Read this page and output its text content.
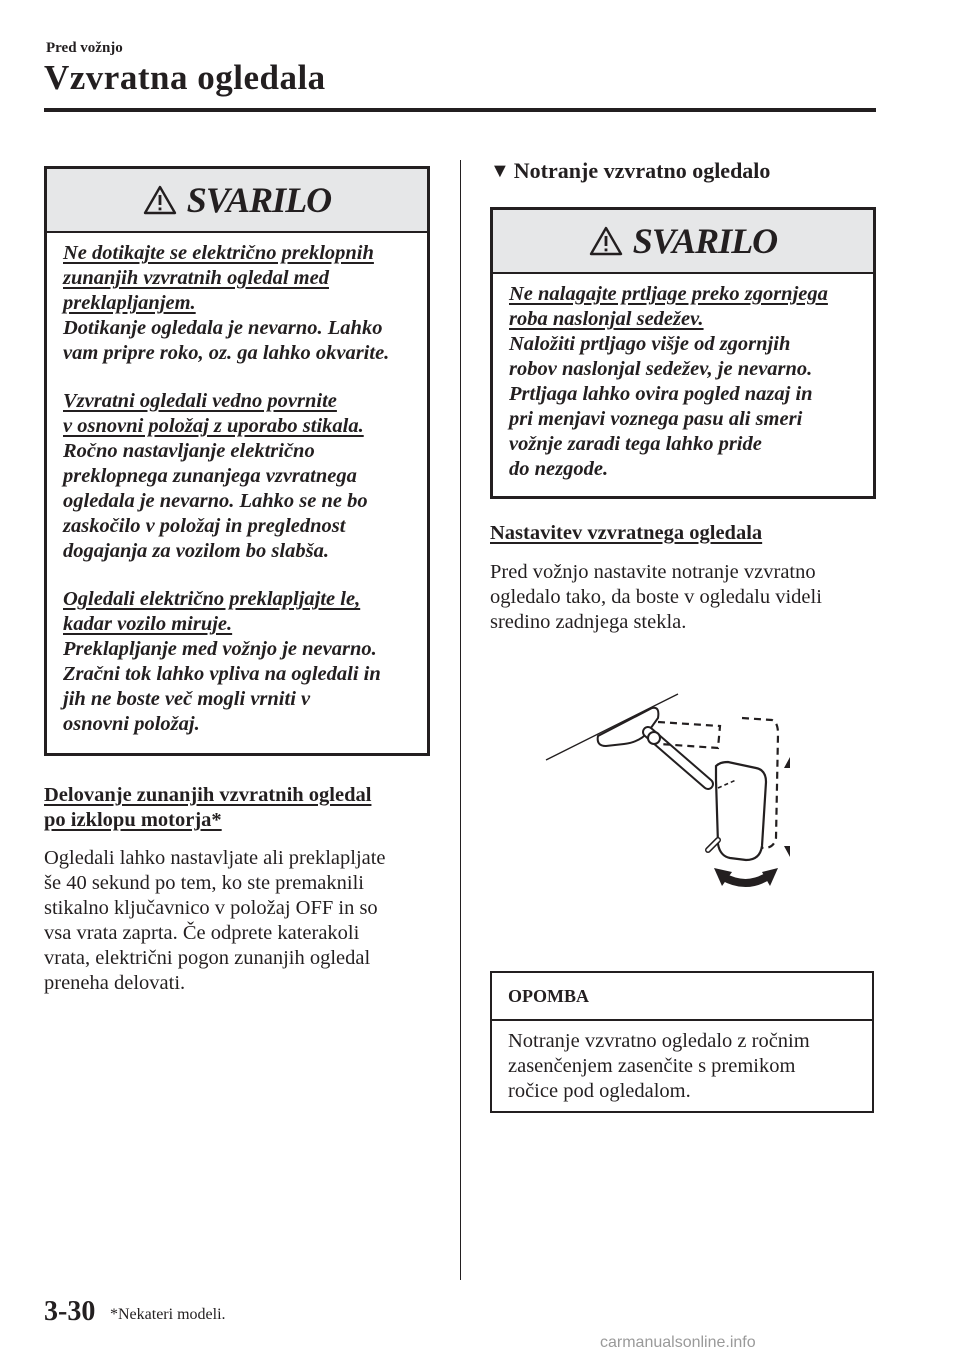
Pred vožnjo
Vzvratna ogledala
SVARILO

Ne dotikajte se električno preklopnih
zunanjih vzvratnih ogledal med
preklapljanjem.
Dotikanje ogledala je nevarno. Lahko
vam pripre roko, oz. ga lahko okvarite.

Vzvratni ogledali vedno povrnite
v osnovni položaj z uporabo stikala.
Ročno nastavljanje električno
preklopnega zunanjega vzvratnega
ogledala je nevarno. Lahko se ne bo
zaskočilo v položaj in preglednost
dogajanja za vozilom bo slabša.

Ogledali električno preklapljajte le,
kadar vozilo miruje.
Preklapljanje med vožnjo je nevarno.
Zračni tok lahko vpliva na ogledali in
jih ne boste več mogli vrniti v
osnovni položaj.

Delovanje zunanjih vzvratnih ogledal
po izklopu motorja*
Ogledali lahko nastavljate ali preklapljate
še 40 sekund po tem, ko ste premaknili
stikalno ključavnico v položaj OFF in so
vsa vrata zaprta. Če odprete katerakoli
vrata, električni pogon zunanjih ogledal
preneha delovati.
▼ Notranje vzvratno ogledalo
SVARILO

Ne nalagajte prtljage preko zgornjega
roba naslonjal sedežev.
Naložiti prtljago višje od zgornjih
robov naslonjal sedežev, je nevarno.
Prtljaga lahko ovira pogled nazaj in
pri menjavi voznega pasu ali smeri
vožnje zaradi tega lahko pride
do nezgode.

Nastavitev vzvratnega ogledala
Pred vožnjo nastavite notranje vzvratno
ogledalo tako, da boste v ogledalu videli
sredino zadnjega stekla.
OPOMBA
Notranje vzvratno ogledalo z ročnim
zasenčenjem zasenčite s premikom
ročice pod ogledalom.
3-30 *Nekateri modeli.
carmanualsonline.info
